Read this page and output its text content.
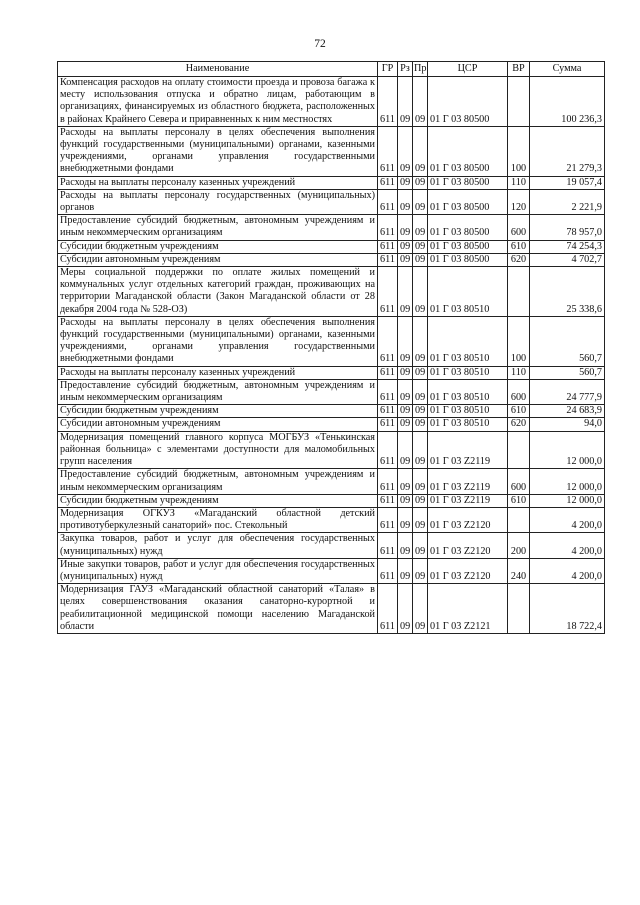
72
Наименование	ГР	Рз	Пр	ЦСР	ВР	Сумма
Компенсация расходов на оплату стоимости проезда и провоза багажа к месту использования отпуска и обратно лицам, работающим в организациях, финансируемых из областного бюджета, расположенных в районах Крайнего Севера и приравненных к ним местностях	611	09	09	01 Г 03 80500		100 236,3
Расходы на выплаты персоналу в целях обеспечения выполнения функций государственными (муниципальными) органами, казенными учреждениями, органами управления государственными внебюджетными фондами	611	09	09	01 Г 03 80500	100	21 279,3
Расходы на выплаты персоналу казенных учреждений	611	09	09	01 Г 03 80500	110	19 057,4
Расходы на выплаты персоналу государственных (муниципальных) органов	611	09	09	01 Г 03 80500	120	2 221,9
Предоставление субсидий бюджетным, автономным учреждениям и иным некоммерческим организациям	611	09	09	01 Г 03 80500	600	78 957,0
Субсидии бюджетным учреждениям	611	09	09	01 Г 03 80500	610	74 254,3
Субсидии автономным учреждениям	611	09	09	01 Г 03 80500	620	4 702,7
Меры социальной поддержки по оплате жилых помещений и коммунальных услуг отдельных категорий граждан, проживающих на территории Магаданской области (Закон Магаданской области от 28 декабря 2004 года № 528-ОЗ)	611	09	09	01 Г 03 80510		25 338,6
Расходы на выплаты персоналу в целях обеспечения выполнения функций государственными (муниципальными) органами, казенными учреждениями, органами управления государственными внебюджетными фондами	611	09	09	01 Г 03 80510	100	560,7
Расходы на выплаты персоналу казенных учреждений	611	09	09	01 Г 03 80510	110	560,7
Предоставление субсидий бюджетным, автономным учреждениям и иным некоммерческим организациям	611	09	09	01 Г 03 80510	600	24 777,9
Субсидии бюджетным учреждениям	611	09	09	01 Г 03 80510	610	24 683,9
Субсидии автономным учреждениям	611	09	09	01 Г 03 80510	620	94,0
Модернизация помещений главного корпуса МОГБУЗ «Тенькинская районная больница» с элементами доступности для маломобильных групп населения	611	09	09	01 Г 03 Z2119		12 000,0
Предоставление субсидий бюджетным, автономным учреждениям и иным некоммерческим организациям	611	09	09	01 Г 03 Z2119	600	12 000,0
Субсидии бюджетным учреждениям	611	09	09	01 Г 03 Z2119	610	12 000,0
Модернизация ОГКУЗ «Магаданский областной детский противотуберкулезный санаторий» пос. Стекольный	611	09	09	01 Г 03 Z2120		4 200,0
Закупка товаров, работ и услуг для обеспечения государственных (муниципальных) нужд	611	09	09	01 Г 03 Z2120	200	4 200,0
Иные закупки товаров, работ и услуг для обеспечения государственных (муниципальных) нужд	611	09	09	01 Г 03 Z2120	240	4 200,0
Модернизация ГАУЗ «Магаданский областной санаторий «Талая» в целях совершенствования оказания санаторно-курортной и реабилитационной медицинской помощи населению Магаданской области	611	09	09	01 Г 03 Z2121		18 722,4
